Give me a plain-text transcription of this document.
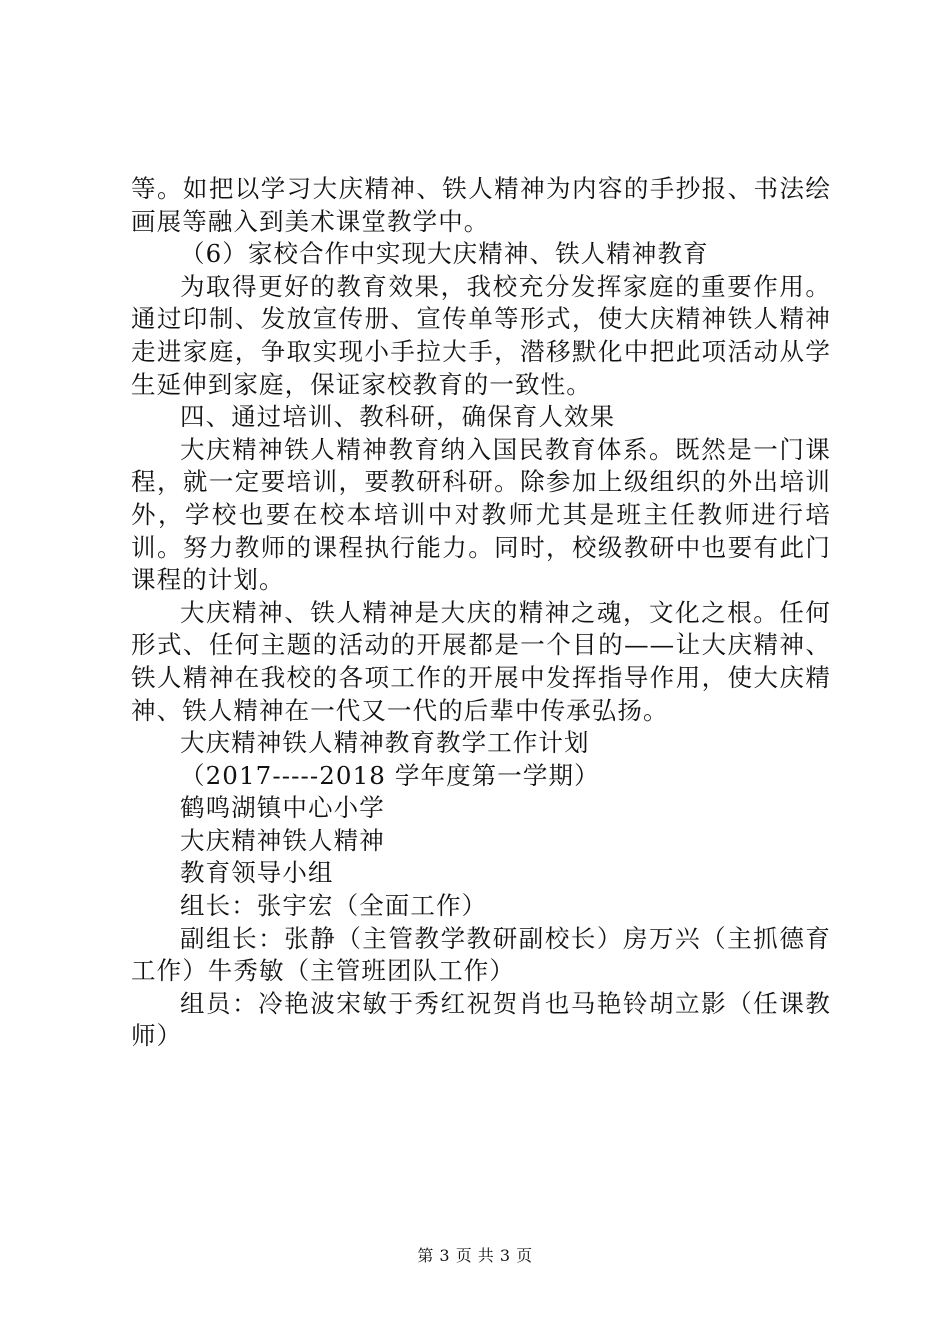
等。如把以学习大庆精神、铁人精神为内容的手抄报、书法绘画展等融入到美术课堂教学中。

（6）家校合作中实现大庆精神、铁人精神教育

为取得更好的教育效果，我校充分发挥家庭的重要作用。通过印制、发放宣传册、宣传单等形式，使大庆精神铁人精神走进家庭，争取实现小手拉大手，潜移默化中把此项活动从学生延伸到家庭，保证家校教育的一致性。

四、通过培训、教科研，确保育人效果

大庆精神铁人精神教育纳入国民教育体系。既然是一门课程，就一定要培训，要教研科研。除参加上级组织的外出培训外，学校也要在校本培训中对教师尤其是班主任教师进行培训。努力教师的课程执行能力。同时，校级教研中也要有此门课程的计划。

大庆精神、铁人精神是大庆的精神之魂，文化之根。任何形式、任何主题的活动的开展都是一个目的——让大庆精神、铁人精神在我校的各项工作的开展中发挥指导作用，使大庆精神、铁人精神在一代又一代的后辈中传承弘扬。

大庆精神铁人精神教育教学工作计划

（2017-----2018 学年度第一学期）

鹤鸣湖镇中心小学

大庆精神铁人精神

教育领导小组

组长：张宇宏（全面工作）

副组长：张静（主管教学教研副校长）房万兴（主抓德育工作）牛秀敏（主管班团队工作）

组员：冷艳波宋敏于秀红祝贺肖也马艳铃胡立影（任课教师）

第 3 页 共 3 页
